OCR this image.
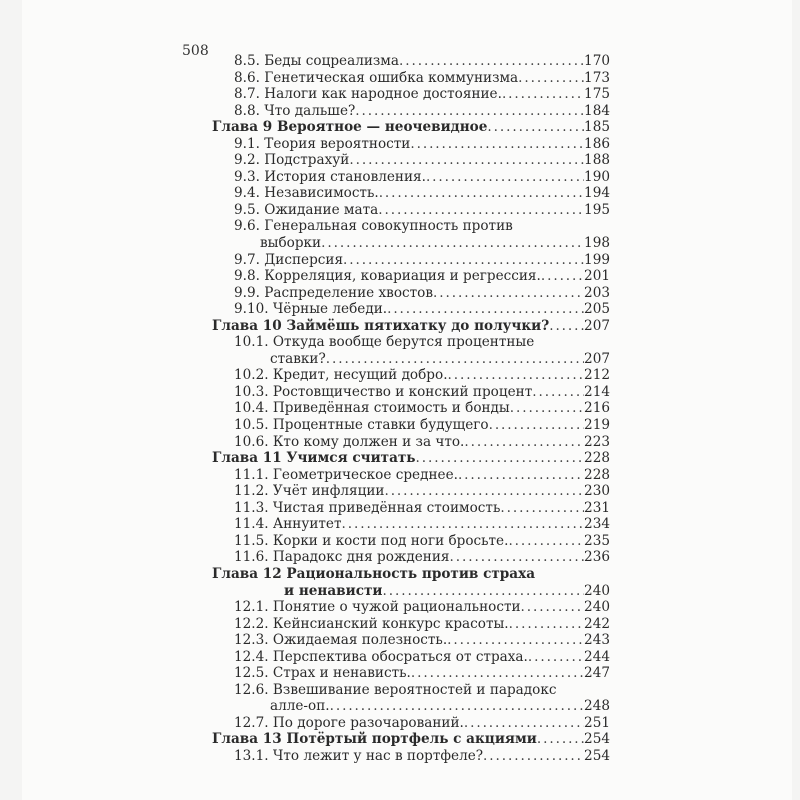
508
8.5. Беды соцреализма . . .	170
8.6. Генетическая ошибка коммунизма . . .	173
8.7. Налоги как народное достояние. . . .	175
8.8. Что дальше? . . .	184
Глава 9 Вероятное — неочевидное . . .	185
9.1. Теория вероятности . . .	186
9.2. Подстрахуй . . .	188
9.3. История становления. . . .	190
9.4. Независимость. . . .	194
9.5. Ожидание мата . . .	195
9.6. Генеральная совокупность против
выборки . . .	198
9.7. Дисперсия . . .	199
9.8. Корреляция, ковариация и регрессия. . . .	201
9.9. Распределение хвостов . . .	203
9.10. Чёрные лебеди. . . .	205
Глава 10 Займёшь пятихатку до получки? . . .	207
10.1. Откуда вообще берутся процентные
ставки? . . .	207
10.2. Кредит, несущий добро. . . .	212
10.3. Ростовщичество и конский процент . . .	214
10.4. Приведённая стоимость и бонды . . .	216
10.5. Процентные ставки будущего . . .	219
10.6. Кто кому должен и за что. . . .	223
Глава 11 Учимся считать . . .	228
11.1. Геометрическое среднее. . . .	228
11.2. Учёт инфляции . . .	230
11.3. Чистая приведённая стоимость . . .	231
11.4. Аннуитет . . .	234
11.5. Корки и кости под ноги бросьте. . . .	235
11.6. Парадокс дня рождения . . .	236
Глава 12 Рациональность против страха
и ненависти . . .	240
12.1. Понятие о чужой рациональности . . .	240
12.2. Кейнсианский конкурс красоты. . . .	242
12.3. Ожидаемая полезность. . . .	243
12.4. Перспектива обосраться от страха. . . .	244
12.5. Страх и ненависть. . . .	247
12.6. Взвешивание вероятностей и парадокс
алле-оп. . . .	248
12.7. По дороге разочарований. . . .	251
Глава 13 Потёртый портфель с акциями . . .	254
13.1. Что лежит у нас в портфеле? . . .	254
